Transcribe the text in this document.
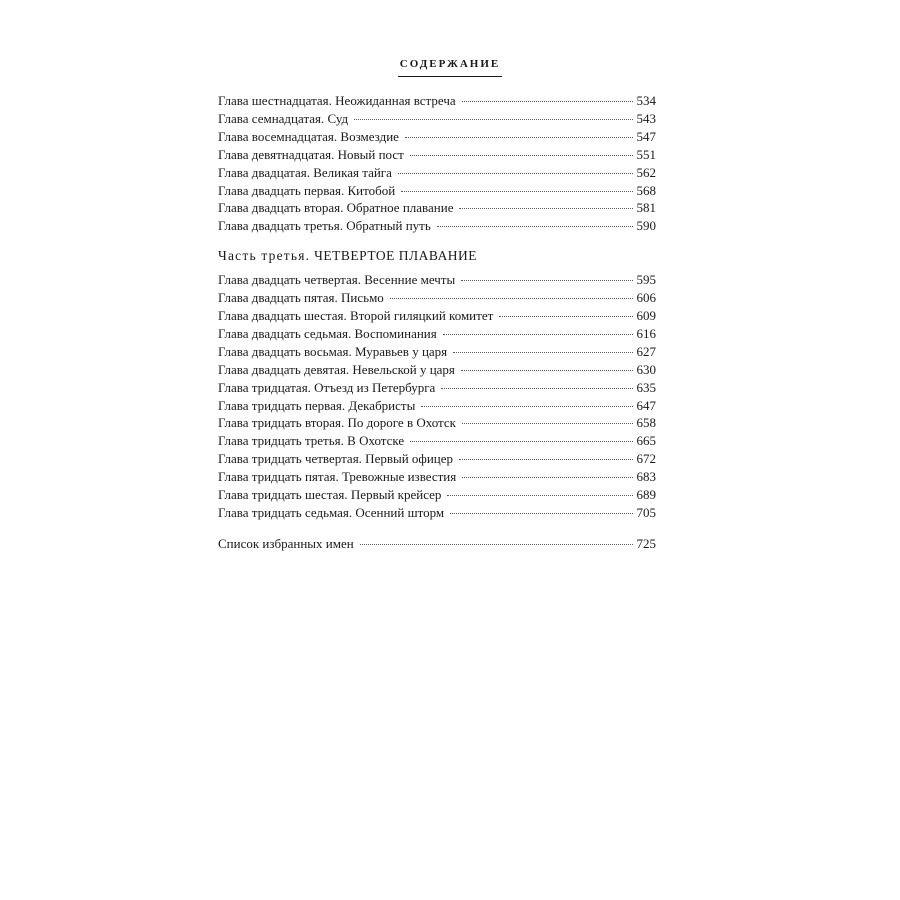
СОДЕРЖАНИЕ
Глава шестнадцатая. Неожиданная встреча	534
Глава семнадцатая. Суд	543
Глава восемнадцатая. Возмездие	547
Глава девятнадцатая. Новый пост	551
Глава двадцатая. Великая тайга	562
Глава двадцать первая. Китобой	568
Глава двадцать вторая. Обратное плавание	581
Глава двадцать третья. Обратный путь	590
Часть третья. ЧЕТВЕРТОЕ ПЛАВАНИЕ
Глава двадцать четвертая. Весенние мечты	595
Глава двадцать пятая. Письмо	606
Глава двадцать шестая. Второй гиляцкий комитет	609
Глава двадцать седьмая. Воспоминания	616
Глава двадцать восьмая. Муравьев у царя	627
Глава двадцать девятая. Невельской у царя	630
Глава тридцатая. Отъезд из Петербурга	635
Глава тридцать первая. Декабристы	647
Глава тридцать вторая. По дороге в Охотск	658
Глава тридцать третья. В Охотске	665
Глава тридцать четвертая. Первый офицер	672
Глава тридцать пятая. Тревожные известия	683
Глава тридцать шестая. Первый крейсер	689
Глава тридцать седьмая. Осенний шторм	705
Список избранных имен	725
